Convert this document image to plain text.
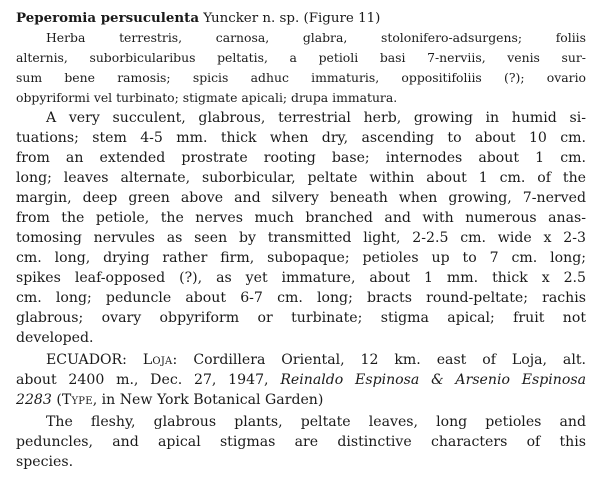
Peperomia persuculenta Yuncker n. sp. (Figure 11)
Herba terrestris, carnosa, glabra, stolonifero-adsurgens; foliis
alternis, suborbicularibus peltatis, a petioli basi 7-nerviis, venis sur-
sum bene ramosis; spicis adhuc immaturis, oppositifoliis (?); ovario
obpyriformi vel turbinato; stigmate apicali; drupa immatura.
A very succulent, glabrous, terrestrial herb, growing in humid si-
tuations; stem 4-5 mm. thick when dry, ascending to about 10 cm.
from an extended prostrate rooting base; internodes about 1 cm.
long; leaves alternate, suborbicular, peltate within about 1 cm. of the
margin, deep green above and silvery beneath when growing, 7-nerved
from the petiole, the nerves much branched and with numerous anas-
tomosing nervules as seen by transmitted light, 2-2.5 cm. wide x 2-3
cm. long, drying rather firm, subopaque; petioles up to 7 cm. long;
spikes leaf-opposed (?), as yet immature, about 1 mm. thick x 2.5
cm. long; peduncle about 6-7 cm. long; bracts round-peltate; rachis
glabrous; ovary obpyriform or turbinate; stigma apical; fruit not
developed.
ECUADOR: Loja: Cordillera Oriental, 12 km. east of Loja, alt.
about 2400 m., Dec. 27, 1947, Reinaldo Espinosa & Arsenio Espinosa
2283 (Type, in New York Botanical Garden)
The fleshy, glabrous plants, peltate leaves, long petioles and
peduncles, and apical stigmas are distinctive characters of this
species.
